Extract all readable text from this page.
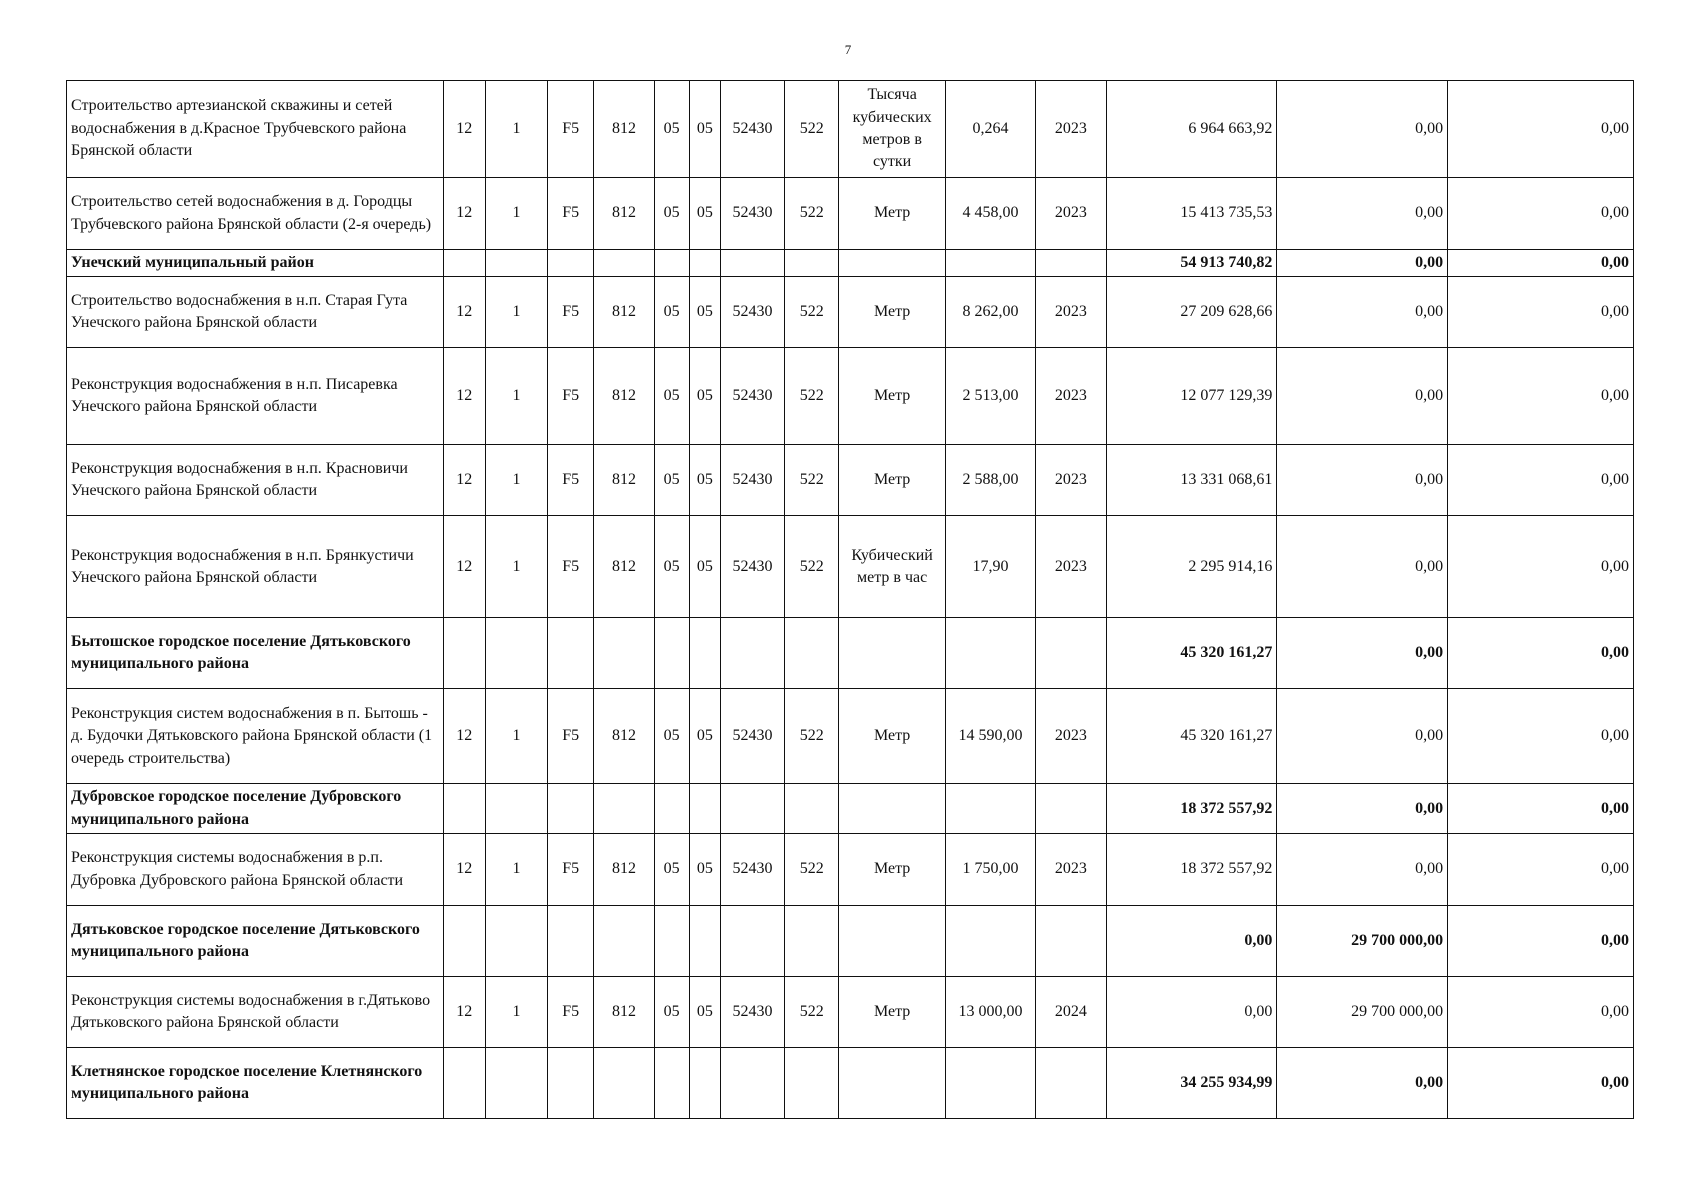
7
Строительство артезианской скважины и сетей водоснабжения в д.Красное Трубчевского района Брянской области	12	1	F5	812	05	05	52430	522	Тысяча кубических метров в сутки	0,264	2023	6 964 663,92	0,00	0,00
Строительство сетей водоснабжения в д. Городцы Трубчевского района Брянской области (2-я очередь)	12	1	F5	812	05	05	52430	522	Метр	4 458,00	2023	15 413 735,53	0,00	0,00
Унечский муниципальный район												54 913 740,82	0,00	0,00
Строительство водоснабжения в н.п. Старая Гута Унечского района Брянской области	12	1	F5	812	05	05	52430	522	Метр	8 262,00	2023	27 209 628,66	0,00	0,00
Реконструкция водоснабжения в н.п. Писаревка Унечского района Брянской области	12	1	F5	812	05	05	52430	522	Метр	2 513,00	2023	12 077 129,39	0,00	0,00
Реконструкция водоснабжения в н.п. Красновичи Унечского района Брянской области	12	1	F5	812	05	05	52430	522	Метр	2 588,00	2023	13 331 068,61	0,00	0,00
Реконструкция водоснабжения в н.п. Брянкустичи Унечского района Брянской области	12	1	F5	812	05	05	52430	522	Кубический метр в час	17,90	2023	2 295 914,16	0,00	0,00
Бытошское городское поселение Дятьковского муниципального района												45 320 161,27	0,00	0,00
Реконструкция систем водоснабжения в п. Бытошь - д. Будочки Дятьковского района Брянской области (1 очередь строительства)	12	1	F5	812	05	05	52430	522	Метр	14 590,00	2023	45 320 161,27	0,00	0,00
Дубровское городское поселение Дубровского муниципального района												18 372 557,92	0,00	0,00
Реконструкция системы водоснабжения в р.п. Дубровка Дубровского района Брянской области	12	1	F5	812	05	05	52430	522	Метр	1 750,00	2023	18 372 557,92	0,00	0,00
Дятьковское городское поселение Дятьковского муниципального района												0,00	29 700 000,00	0,00
Реконструкция системы водоснабжения в г.Дятьково Дятьковского района Брянской области	12	1	F5	812	05	05	52430	522	Метр	13 000,00	2024	0,00	29 700 000,00	0,00
Клетнянское городское поселение Клетнянского муниципального района												34 255 934,99	0,00	0,00
